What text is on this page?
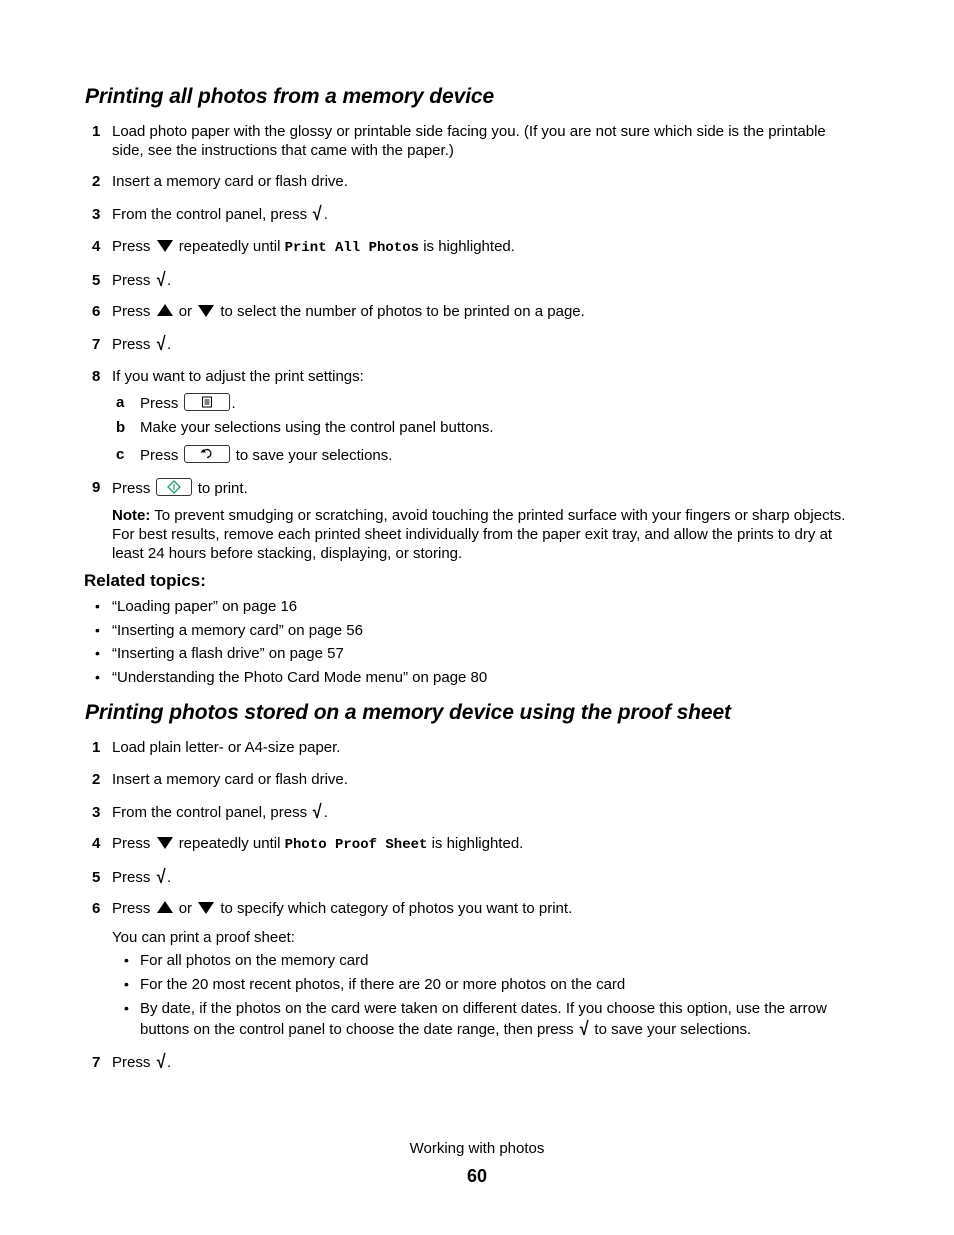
Printing all photos from a memory device
1 Load photo paper with the glossy or printable side facing you. (If you are not sure which side is the printable
side, see the instructions that came with the paper.)
2 Insert a memory card or flash drive.
3 From the control panel, press √ .
4 Press repeatedly until Print All Photos is highlighted.
5 Press √ .
6 Press or to select the number of photos to be printed on a page.
7 Press √ .
8 If you want to adjust the print settings:
a	Press	.
b Make your selections using the control panel buttons.
c	Press	to save your selections.
9 Press	to print.
Note: To prevent smudging or scratching, avoid touching the printed surface with your fingers or sharp objects.
For best results, remove each printed sheet individually from the paper exit tray, and allow the prints to dry at
least 24 hours before stacking, displaying, or storing.
Related topics:
• “Loading paper” on page 16
• “Inserting a memory card” on page 56
• “Inserting a flash drive” on page 57
• “Understanding the Photo Card Mode menu” on page 80
Printing photos stored on a memory device using the proof sheet
1 Load plain letter- or A4-size paper.
2 Insert a memory card or flash drive.
3 From the control panel, press √ .
4 Press repeatedly until Photo Proof Sheet is highlighted.
5 Press √ .
6 Press or to specify which category of photos you want to print.
You can print a proof sheet:
• For all photos on the memory card
• For the 20 most recent photos, if there are 20 or more photos on the card
• By date, if the photos on the card were taken on different dates. If you choose this option, use the arrow
buttons on the control panel to choose the date range, then press √ to save your selections.
7 Press √ .
Working with photos
60
